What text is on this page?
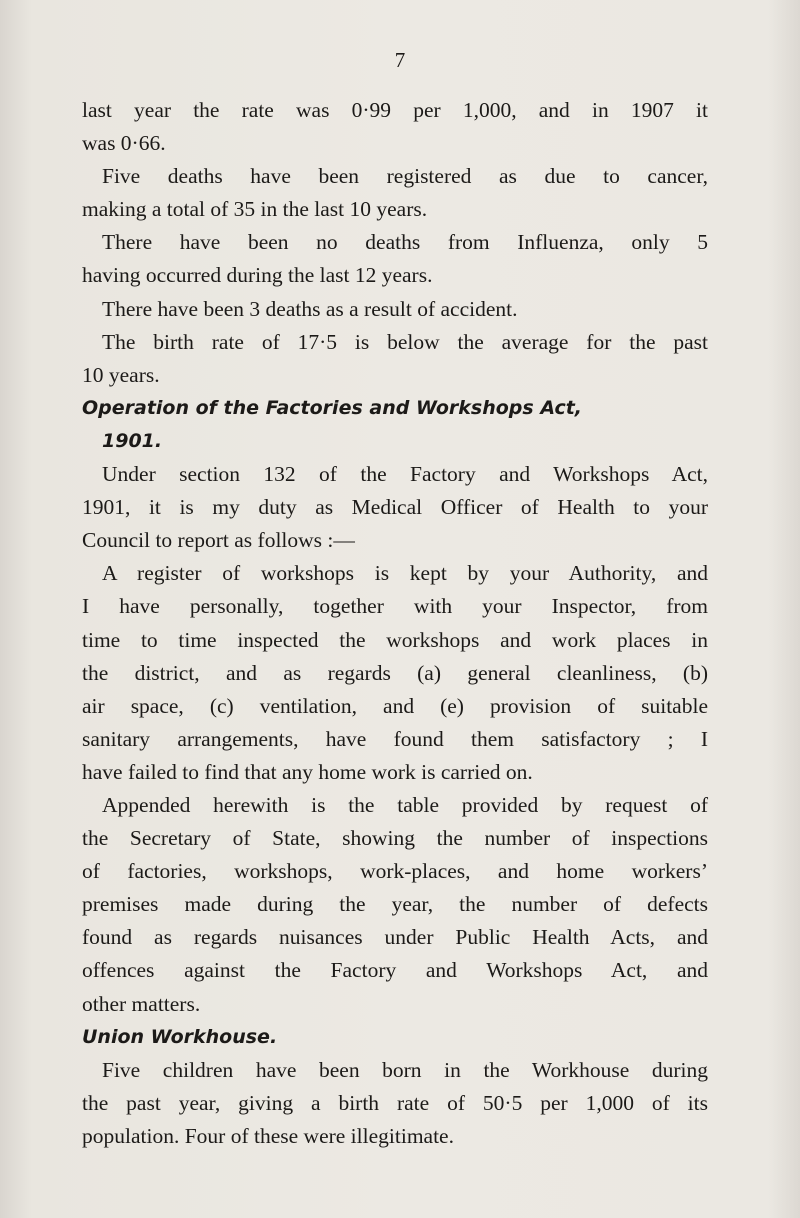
7
last year the rate was 0·99 per 1,000, and in 1907 it
was 0·66.
Five deaths have been registered as due to cancer,
making a total of 35 in the last 10 years.
There have been no deaths from Influenza, only 5
having occurred during the last 12 years.
There have been 3 deaths as a result of accident.
The birth rate of 17·5 is below the average for the past
10 years.
Operation of the Factories and Workshops Act,
1901.
Under section 132 of the Factory and Workshops Act,
1901, it is my duty as Medical Officer of Health to your
Council to report as follows :—
A register of workshops is kept by your Authority, and
I have personally, together with your Inspector, from
time to time inspected the workshops and work places in
the district, and as regards (a) general cleanliness, (b)
air space, (c) ventilation, and (e) provision of suitable
sanitary arrangements, have found them satisfactory ; I
have failed to find that any home work is carried on.
Appended herewith is the table provided by request of
the Secretary of State, showing the number of inspections
of factories, workshops, work-places, and home workers’
premises made during the year, the number of defects
found as regards nuisances under Public Health Acts, and
offences against the Factory and Workshops Act, and
other matters.
Union Workhouse.
Five children have been born in the Workhouse during
the past year, giving a birth rate of 50·5 per 1,000 of its
population. Four of these were illegitimate.
